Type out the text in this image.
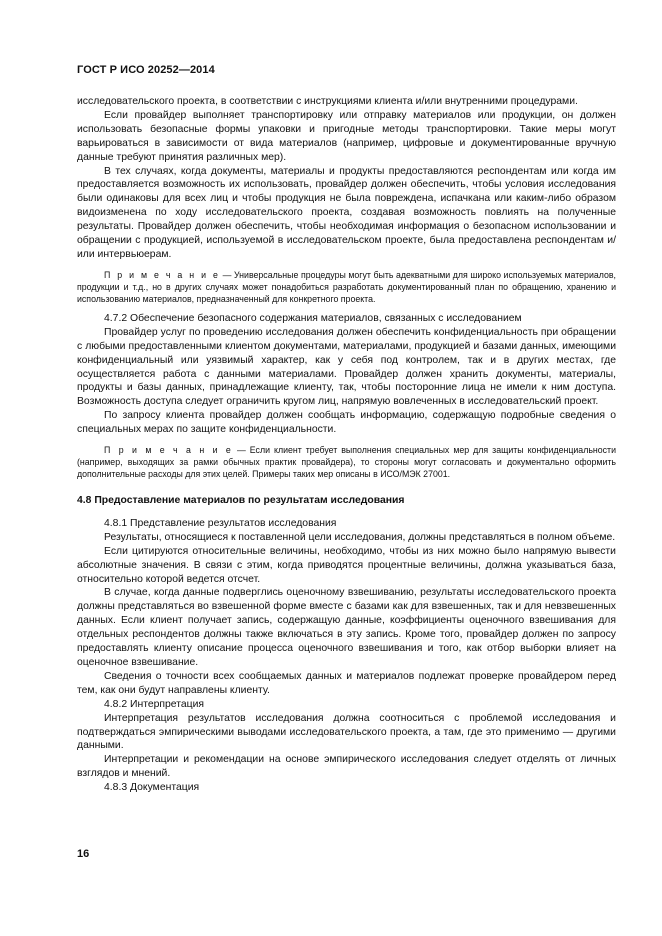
ГОСТ Р ИСО 20252—2014

исследовательского проекта, в соответствии с инструкциями клиента и/или внутренними процедурами.

Если провайдер выполняет транспортировку или отправку материалов или продукции, он должен использовать безопасные формы упаковки и пригодные методы транспортировки. Такие меры могут варьироваться в зависимости от вида материалов (например, цифровые и документированные вручную данные требуют принятия различных мер).

В тех случаях, когда документы, материалы и продукты предоставляются респондентам или когда им предоставляется возможность их использовать, провайдер должен обеспечить, чтобы условия исследования были одинаковы для всех лиц и чтобы продукция не была повреждена, испачкана или каким-либо образом видоизменена по ходу исследовательского проекта, создавая возможность повлиять на полученные результаты. Провайдер должен обеспечить, чтобы необходимая информация о безопасном использовании и обращении с продукцией, используемой в исследовательском проекте, была предоставлена респондентам и/или интервьюерам.

П р и м е ч а н и е — Универсальные процедуры могут быть адекватными для широко используемых материалов, продукции и т.д., но в других случаях может понадобиться разработать документированный план по обращению, хранению и использованию материалов, предназначенный для конкретного проекта.

4.7.2 Обеспечение безопасного содержания материалов, связанных с исследованием

Провайдер услуг по проведению исследования должен обеспечить конфиденциальность при обращении с любыми предоставленными клиентом документами, материалами, продукцией и базами данных, имеющими конфиденциальный или уязвимый характер, как у себя под контролем, так и в других местах, где осуществляется работа с данными материалами. Провайдер должен хранить документы, материалы, продукты и базы данных, принадлежащие клиенту, так, чтобы посторонние лица не имели к ним доступа. Возможность доступа следует ограничить кругом лиц, напрямую вовлеченных в исследовательский проект.

По запросу клиента провайдер должен сообщать информацию, содержащую подробные сведения о специальных мерах по защите конфиденциальности.

П р и м е ч а н и е — Если клиент требует выполнения специальных мер для защиты конфиденциальности (например, выходящих за рамки обычных практик провайдера), то стороны могут согласовать и документально оформить дополнительные расходы для этих целей. Примеры таких мер описаны в ИСО/МЭК 27001.

4.8 Предоставление материалов по результатам исследования

4.8.1 Представление результатов исследования

Результаты, относящиеся к поставленной цели исследования, должны представляться в полном объеме.

Если цитируются относительные величины, необходимо, чтобы из них можно было напрямую вывести абсолютные значения. В связи с этим, когда приводятся процентные величины, должна указываться база, относительно которой ведется отсчет.

В случае, когда данные подверглись оценочному взвешиванию, результаты исследовательского проекта должны представляться во взвешенной форме вместе с базами как для взвешенных, так и для невзвешенных данных. Если клиент получает запись, содержащую данные, коэффициенты оценочного взвешивания для отдельных респондентов должны также включаться в эту запись. Кроме того, провайдер должен по запросу предоставлять клиенту описание процесса оценочного взвешивания и того, как отбор выборки влияет на оценочное взвешивание.

Сведения о точности всех сообщаемых данных и материалов подлежат проверке провайдером перед тем, как они будут направлены клиенту.

4.8.2 Интерпретация

Интерпретация результатов исследования должна соотноситься с проблемой исследования и подтверждаться эмпирическими выводами исследовательского проекта, а там, где это применимо — другими данными.

Интерпретации и рекомендации на основе эмпирического исследования следует отделять от личных взглядов и мнений.

4.8.3 Документация

16
